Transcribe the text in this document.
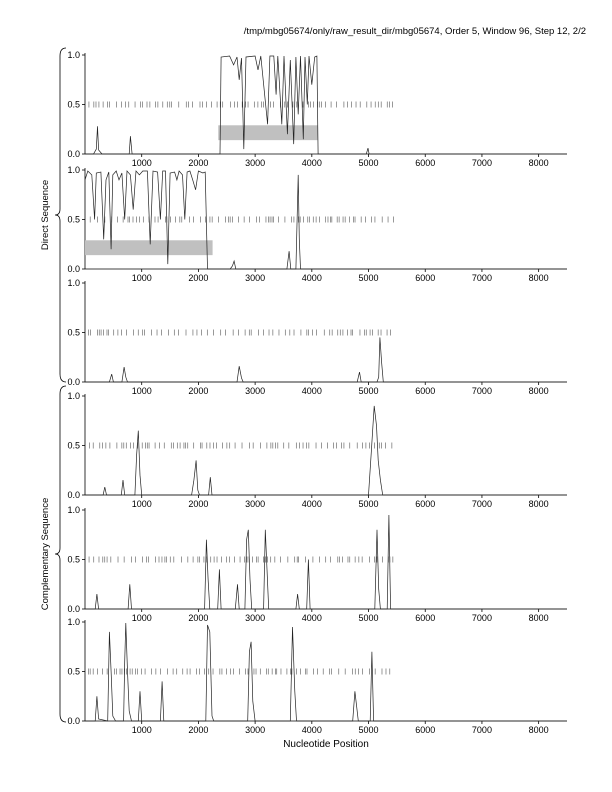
/tmp/mbg05674/only/raw_result_dir/mbg05674, Order 5, Window 96, Step 12, 2/2
0.0
0.5
1.0
1000	2000	3000	4000	5000	6000	7000	8000
0.0
0.5
1.0
1000	2000	3000	4000	5000	6000	7000	8000
0.0
0.5
1.0
1000	2000	3000	4000	5000	6000	7000	8000
0.0
0.5
1.0
1000	2000	3000	4000	5000	6000	7000	8000
0.0
0.5
1.0
1000	2000	3000	4000	5000	6000	7000	8000
0.0
0.5
1.0
1000	2000	3000	4000	5000	6000	7000	8000
Direct Sequence
Complementary Sequence
Nucleotide Position
